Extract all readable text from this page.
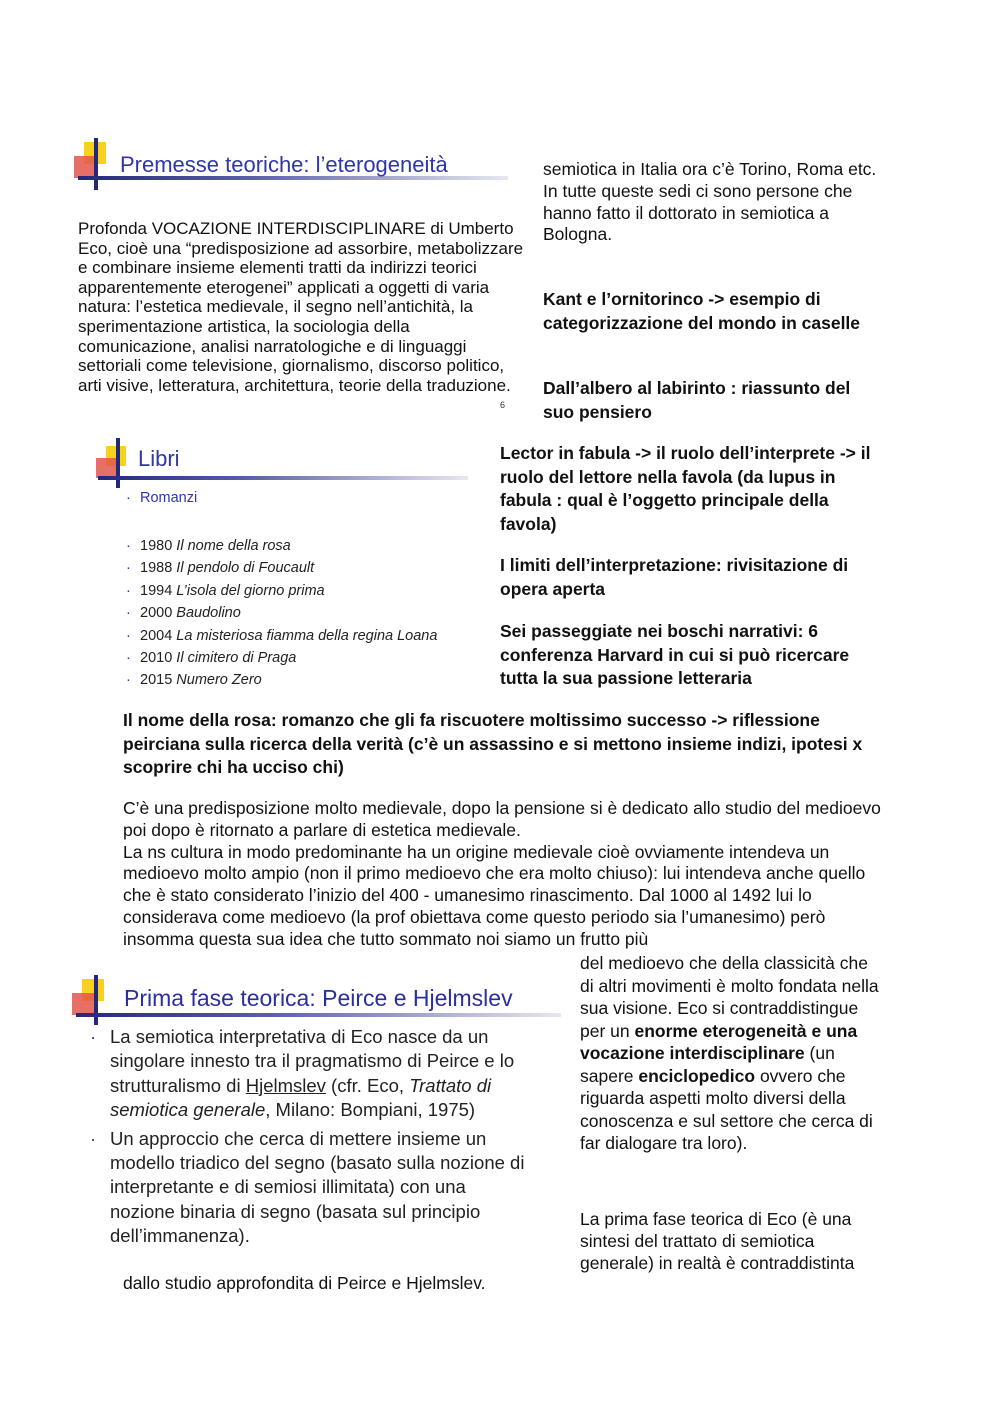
Premesse teoriche: l’eterogeneità
Profonda VOCAZIONE INTERDISCIPLINARE di Umberto Eco, cioè una “predisposizione ad assorbire, metabolizzare e combinare insieme elementi tratti da indirizzi teorici apparentemente eterogenei” applicati a oggetti di varia natura: l’estetica medievale, il segno nell’antichità, la sperimentazione artistica, la sociologia della comunicazione, analisi narratologiche e di linguaggi settoriali come televisione, giornalismo, discorso politico, arti visive, letteratura, architettura, teorie della traduzione.
6
semiotica in Italia ora c’è Torino, Roma etc. In tutte queste sedi ci sono persone che hanno fatto il dottorato in semiotica a Bologna.
Kant e l’ornitorinco -> esempio di categorizzazione del mondo in caselle
Dall’albero al labirinto : riassunto del suo pensiero
Libri
· Romanzi
· 1980 Il nome della rosa
· 1988 Il pendolo di Foucault
· 1994 L’isola del giorno prima
· 2000 Baudolino
· 2004 La misteriosa fiamma della regina Loana
· 2010 Il cimitero di Praga
· 2015 Numero Zero
Lector in fabula -> il ruolo dell’interprete -> il ruolo del lettore nella favola (da lupus in fabula : qual è l’oggetto principale della favola)
I limiti dell’interpretazione: rivisitazione di opera aperta
Sei passeggiate nei boschi narrativi: 6 conferenza Harvard in cui si può ricercare tutta la sua passione letteraria
Il nome della rosa: romanzo che gli fa riscuotere moltissimo successo -> riflessione peirciana sulla ricerca della verità (c’è un assassino e si mettono insieme indizi, ipotesi x scoprire chi ha ucciso chi)
C’è una predisposizione molto medievale, dopo la pensione si è dedicato allo studio del medioevo poi dopo è ritornato a parlare di estetica medievale.
La ns cultura in modo predominante ha un origine medievale cioè ovviamente intendeva un medioevo molto ampio (non il primo medioevo che era molto chiuso): lui intendeva anche quello che è stato considerato l’inizio del 400 - umanesimo rinascimento. Dal 1000 al 1492 lui lo considerava come medioevo (la prof obiettava come questo periodo sia l’umanesimo) però insomma questa sua idea che tutto sommato noi siamo un frutto più
Prima fase teorica: Peirce e Hjelmslev
· La semiotica interpretativa di Eco nasce da un singolare innesto tra il pragmatismo di Peirce e lo strutturalismo di Hjelmslev (cfr. Eco, Trattato di semiotica generale, Milano: Bompiani, 1975)
· Un approccio che cerca di mettere insieme un modello triadico del segno (basato sulla nozione di interpretante e di semiosi illimitata) con una nozione binaria di segno (basata sul principio dell’immanenza).
del medioevo che della classicità che di altri movimenti è molto fondata nella sua visione. Eco si contraddistingue per un enorme eterogeneità e una vocazione interdisciplinare (un sapere enciclopedico ovvero che riguarda aspetti molto diversi della conoscenza e sul settore che cerca di far dialogare tra loro).
La prima fase teorica di Eco (è una sintesi del trattato di semiotica generale) in realtà è contraddistinta
dallo studio approfondita di Peirce e Hjelmslev.
